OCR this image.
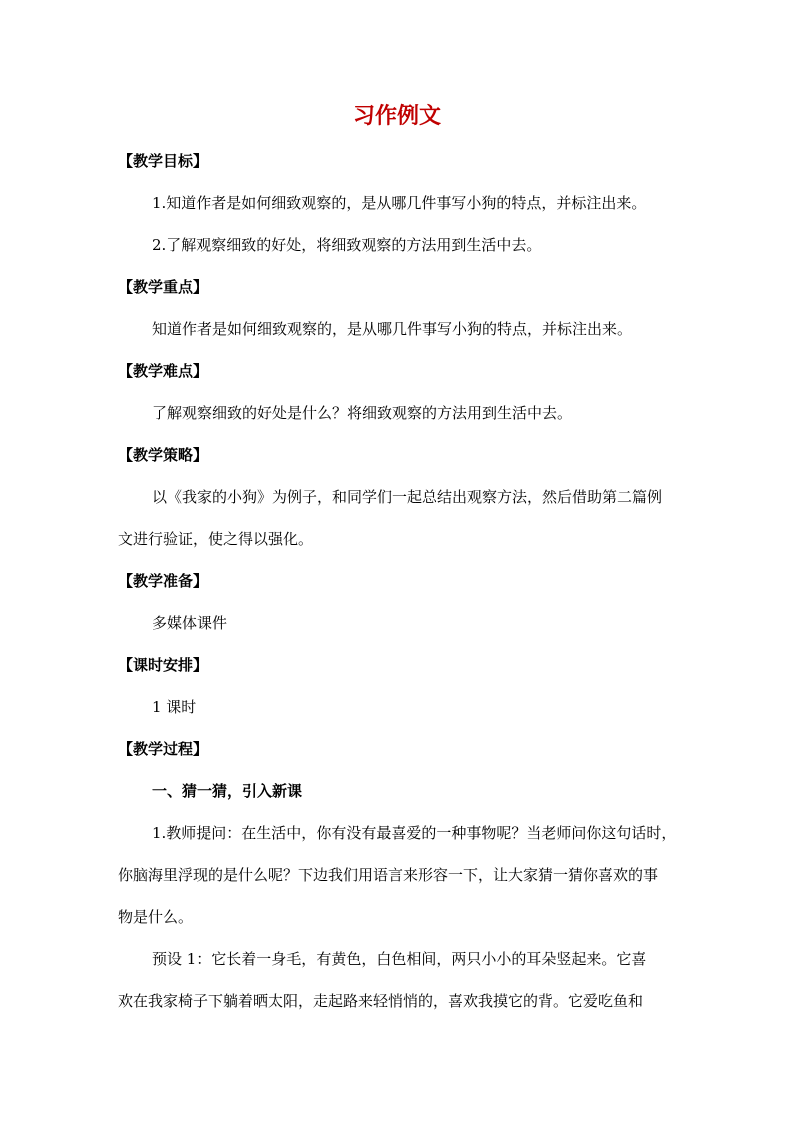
习作例文

【教学目标】

1.知道作者是如何细致观察的，是从哪几件事写小狗的特点，并标注出来。

2.了解观察细致的好处，将细致观察的方法用到生活中去。

【教学重点】

知道作者是如何细致观察的，是从哪几件事写小狗的特点，并标注出来。

【教学难点】

了解观察细致的好处是什么？将细致观察的方法用到生活中去。

【教学策略】

以《我家的小狗》为例子，和同学们一起总结出观察方法，然后借助第二篇例

文进行验证，使之得以强化。

【教学准备】

多媒体课件

【课时安排】

1 课时

【教学过程】

一、猜一猜，引入新课

1.教师提问：在生活中，你有没有最喜爱的一种事物呢？当老师问你这句话时，

你脑海里浮现的是什么呢？下边我们用语言来形容一下，让大家猜一猜你喜欢的事

物是什么。

预设 1：它长着一身毛，有黄色，白色相间，两只小小的耳朵竖起来。它喜

欢在我家椅子下躺着晒太阳，走起路来轻悄悄的，喜欢我摸它的背。它爱吃鱼和
